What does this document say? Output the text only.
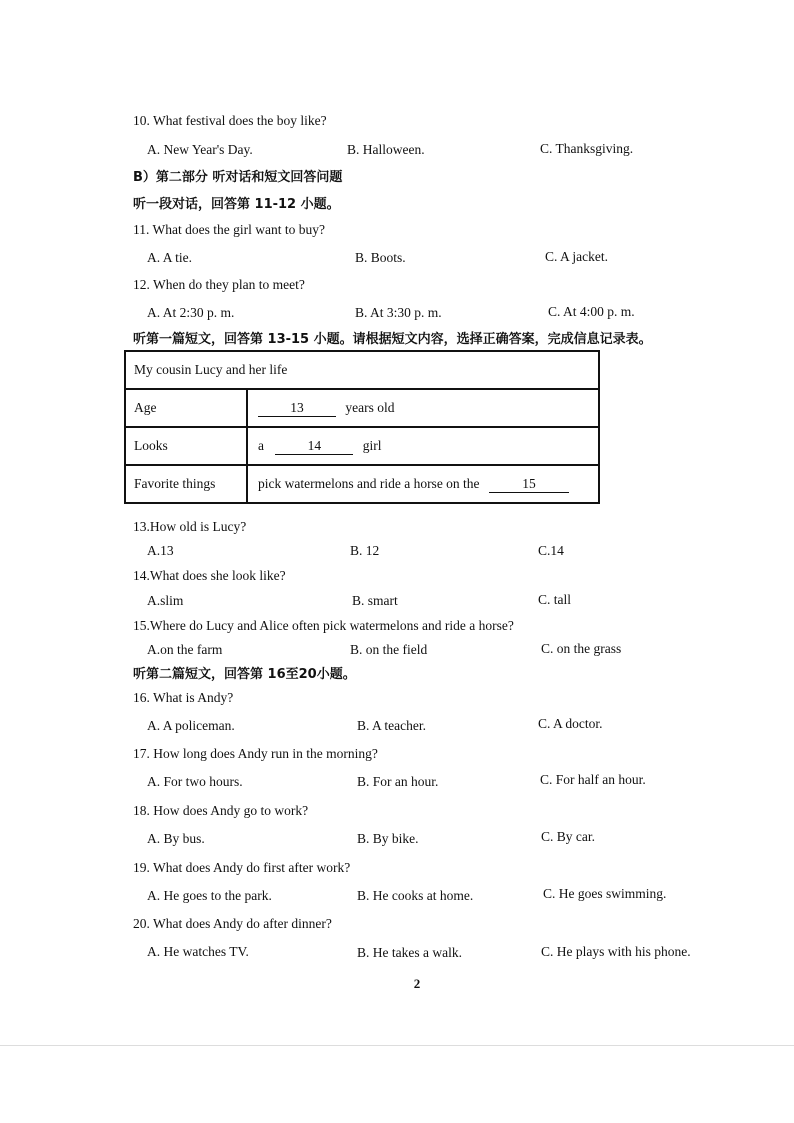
10. What festival does the boy like?
A. New Year's Day.	B. Halloween.	C. Thanksgiving.
B）第二部分 听对话和短文回答问题
听一段对话，回答第 11-12 小题。
11. What does the girl want to buy?
A. A tie.	B. Boots.	C. A jacket.
12. When do they plan to meet?
A. At 2:30 p. m.	B. At 3:30 p. m.	C. At 4:00 p. m.
听第一篇短文，回答第 13-15 小题。请根据短文内容，选择正确答案，完成信息记录表。
My cousin Lucy and her life	
Age	13 years old
Looks	a 14 girl
Favorite things	pick watermelons and ride a horse on the 15
13.How old is Lucy?
A.13	B. 12	C.14
14.What does she look like?
A.slim	B. smart	C. tall
15.Where do Lucy and Alice often pick watermelons and ride a horse?
A.on the farm	B. on the field	C. on the grass
听第二篇短文，回答第 16至20小题。
16. What is Andy?
A. A policeman.	B. A teacher.	C. A doctor.
17. How long does Andy run in the morning?
A. For two hours.	B. For an hour.	C. For half an hour.
18. How does Andy go to work?
A. By bus.	B. By bike.	C. By car.
19. What does Andy do first after work?
A. He goes to the park.	B. He cooks at home.	C. He goes swimming.
20. What does Andy do after dinner?
A. He watches TV.	B. He takes a walk.	C. He plays with his phone.
2
